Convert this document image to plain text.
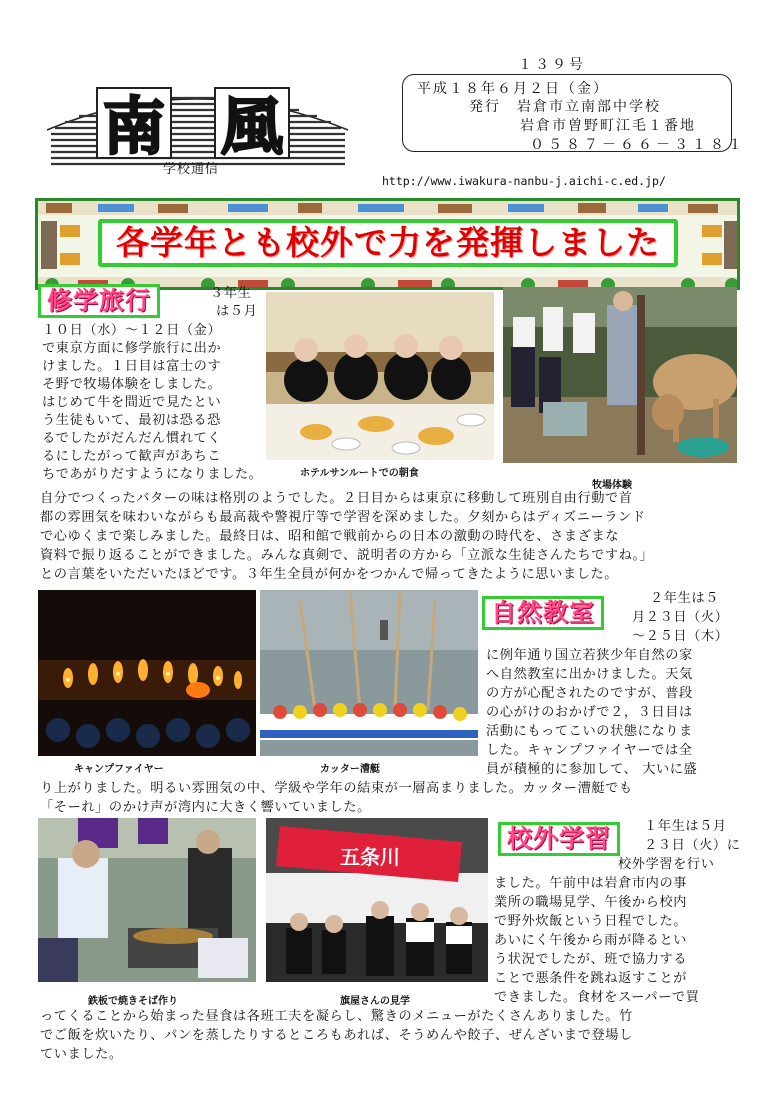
南 風
学校通信
１３９号
平成１８年６月２日（金）
発行　岩倉市立南部中学校
岩倉市曽野町江毛１番地
０５８７－６６－３１８１
http://www.iwakura-nanbu-j.aichi-c.ed.jp/
各学年とも校外で力を発揮しました
修学旅行	３年生
は５月
１０日（水）～１２日（金）
で東京方面に修学旅行に出か
けました。１日目は富士のす
そ野で牧場体験をしました。
はじめて牛を間近で見たとい
う生徒もいて、最初は恐る恐
るでしたがだんだん慣れてく
るにしたがって歓声があちこ
ちであがりだすようになりました。	ホテルサンルートでの朝食
牧場体験
自分でつくったバターの味は格別のようでした。２日目からは東京に移動して班別自由行動で首
都の雰囲気を味わいながらも最高裁や警視庁等で学習を深めました。夕刻からはディズニーランド
で心ゆくまで楽しみました。最終日は、昭和館で戦前からの日本の激動の時代を、さまざまな
資料で振り返ることができました。みんな真剣で、説明者の方から「立派な生徒さんたちですね。」
との言葉をいただいたほどです。３年生全員が何かをつかんで帰ってきたように思いました。
キャンプファイヤー	カッター漕艇
自然教室	２年生は５
月２３日（火）
～２５日（木）
に例年通り国立若狭少年自然の家
へ自然教室に出かけました。天気
の方が心配されたのですが、普段
の心がけのおかげで２，３日目は
活動にもってこいの状態になりま
した。キャンプファイヤーでは全
員が積極的に参加して、 大いに盛
り上がりました。明るい雰囲気の中、学級や学年の結束が一層高まりました。カッター漕艇でも
「そーれ」のかけ声が湾内に大きく響いていました。
鉄板で焼きそば作り
五条川
旗屋さんの見学
校外学習	１年生は５月
２３日（火）に
校外学習を行い
ました。午前中は岩倉市内の事
業所の職場見学、午後から校内
で野外炊飯という日程でした。
あいにく午後から雨が降るとい
う状況でしたが、班で協力する
ことで悪条件を跳ね返すことが
できました。食材をスーパーで買
ってくることから始まった昼食は各班工夫を凝らし、驚きのメニューがたくさんありました。竹
でご飯を炊いたり、パンを蒸したりするところもあれば、そうめんや餃子、ぜんざいまで登場し
ていました。
